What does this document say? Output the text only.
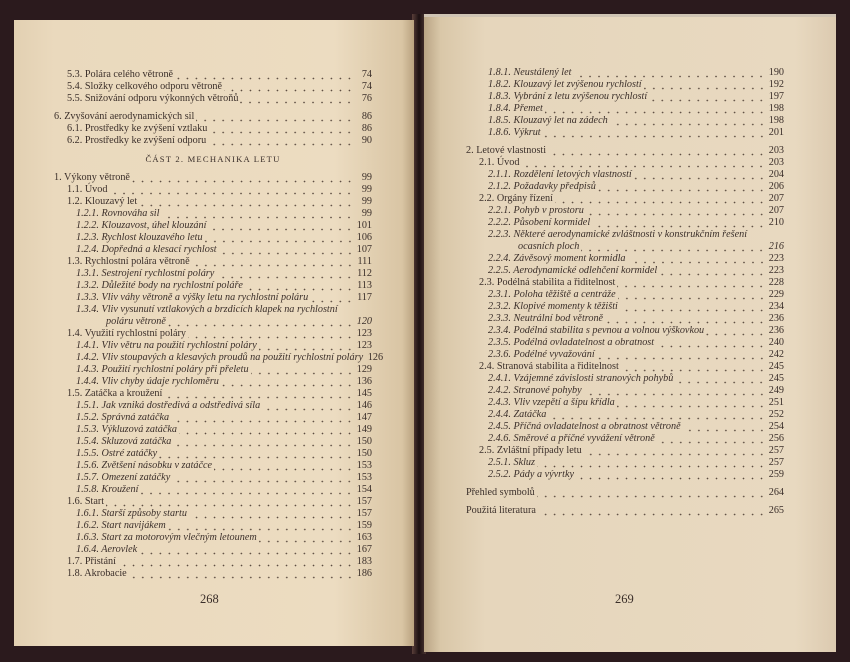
5.3. Polára celého větroně	74
5.4. Složky celkového odporu větroně	74
5.5. Snižování odporu výkonných větroňů	76
6. Zvyšování aerodynamických sil	86
6.1. Prostředky ke zvýšení vztlaku	86
6.2. Prostředky ke zvýšení odporu	90
ČÁST 2. MECHANIKA LETU
1. Výkony větroně	99
1.1. Úvod	99
1.2. Klouzavý let	99
1.2.1. Rovnováha sil	99
1.2.2. Klouzavost, úhel klouzání	101
1.2.3. Rychlost klouzavého letu	106
1.2.4. Dopředná a klesací rychlost	107
1.3. Rychlostní polára větroně	111
1.3.1. Sestrojení rychlostní poláry	112
1.3.2. Důležité body na rychlostní poláře	113
1.3.3. Vliv váhy větroně a výšky letu na rychlostní poláru	117
1.3.4. Vliv vysunutí vztlakových a brzdicích klapek na rychlostní
poláru větroně	120
1.4. Využití rychlostní poláry	123
1.4.1. Vliv větru na použití rychlostní poláry	123
1.4.2. Vliv stoupavých a klesavých proudů na použití rychlostní poláry 126
1.4.3. Použití rychlostní poláry při přeletu	129
1.4.4. Vliv chyby údaje rychloměru	136
1.5. Zatáčka a kroužení	145
1.5.1. Jak vzniká dostředivá a odstředivá síla	146
1.5.2. Správná zatáčka	147
1.5.3. Výkluzová zatáčka	149
1.5.4. Skluzová zatáčka	150
1.5.5. Ostré zatáčky	150
1.5.6. Zvětšení násobku v zatáčce	153
1.5.7. Omezení zatáčky	153
1.5.8. Kroužení	154
1.6. Start	157
1.6.1. Starší způsoby startu	157
1.6.2. Start navijákem	159
1.6.3. Start za motorovým vlečným letounem	163
1.6.4. Aerovlek	167
1.7. Přistání	183
1.8. Akrobacie	186
268
1.8.1. Neustálený let	190
1.8.2. Klouzavý let zvýšenou rychlostí	192
1.8.3. Vybrání z letu zvýšenou rychlostí	197
1.8.4. Přemet	198
1.8.5. Klouzavý let na zádech	198
1.8.6. Výkrut	201
2. Letové vlastnosti	203
2.1. Úvod	203
2.1.1. Rozdělení letových vlastností	204
2.1.2. Požadavky předpisů	206
2.2. Orgány řízení	207
2.2.1. Pohyb v prostoru	207
2.2.2. Působení kormidel	210
2.2.3. Některé aerodynamické zvláštnosti v konstrukčním řešení
ocasních ploch	216
2.2.4. Závěsový moment kormidla	223
2.2.5. Aerodynamické odlehčení kormidel	223
2.3. Podélná stabilita a řiditelnost	228
2.3.1. Poloha těžiště a centráže	229
2.3.2. Klopivé momenty k těžišti	234
2.3.3. Neutrální bod větroně	236
2.3.4. Podélná stabilita s pevnou a volnou výškovkou	236
2.3.5. Podélná ovladatelnost a obratnost	240
2.3.6. Podélné vyvažování	242
2.4. Stranová stabilita a řiditelnost	245
2.4.1. Vzájemné závislosti stranových pohybů	245
2.4.2. Stranové pohyby	249
2.4.3. Vliv vzepětí a šípu křídla	251
2.4.4. Zatáčka	252
2.4.5. Příčná ovladatelnost a obratnost větroně	254
2.4.6. Směrové a příčné vyvážení větroně	256
2.5. Zvláštní případy letu	257
2.5.1. Skluz	257
2.5.2. Pády a vývrtky	259
Přehled symbolů	264
Použitá literatura	265
269
